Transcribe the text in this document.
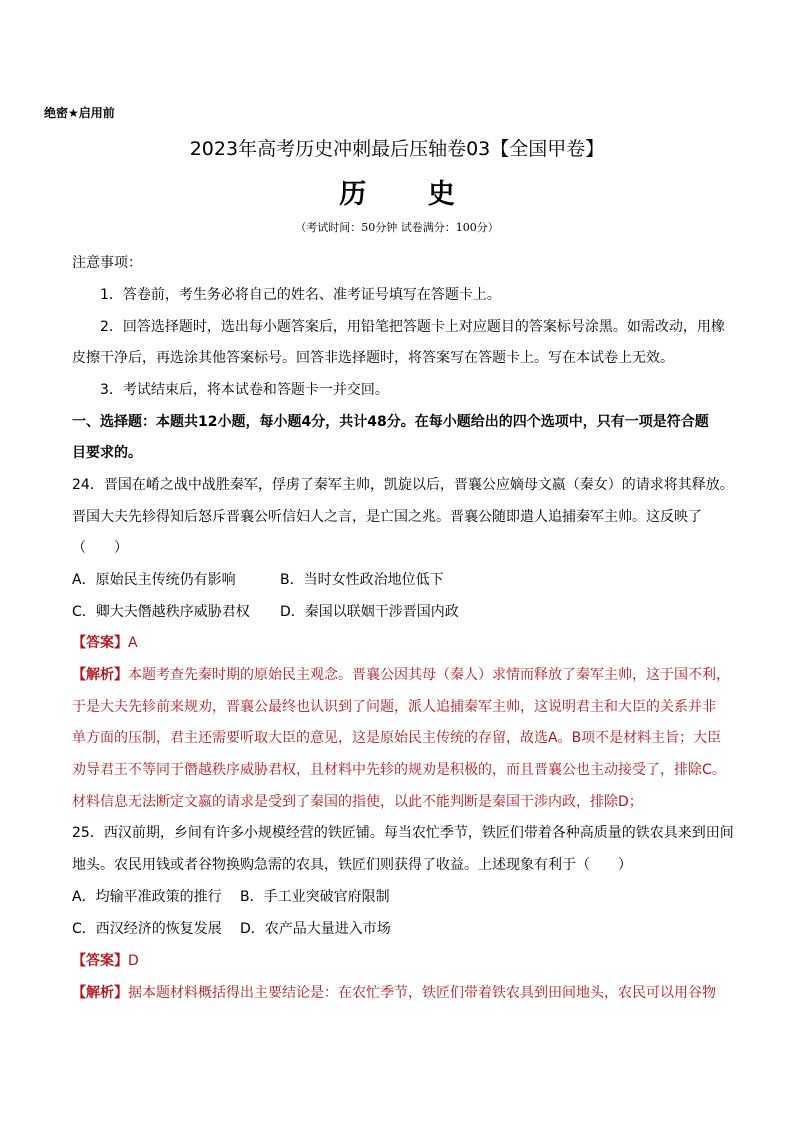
绝密★启用前
2023年高考历史冲刺最后压轴卷03【全国甲卷】
历 史
（考试时间：50分钟 试卷满分：100分）
注意事项：
1．答卷前，考生务必将自己的姓名、准考证号填写在答题卡上。
2．回答选择题时，选出每小题答案后，用铅笔把答题卡上对应题目的答案标号涂黑。如需改动，用橡
皮擦干净后，再选涂其他答案标号。回答非选择题时，将答案写在答题卡上。写在本试卷上无效。
3．考试结束后，将本试卷和答题卡一并交回。
一、选择题：本题共12小题，每小题4分，共计48分。在每小题给出的四个选项中，只有一项是符合题
目要求的。
24．晋国在崤之战中战胜秦军，俘虏了秦军主帅，凯旋以后，晋襄公应嫡母文嬴（秦女）的请求将其释放。
晋国大夫先轸得知后怒斥晋襄公听信妇人之言，是亡国之兆。晋襄公随即遣人追捕秦军主帅。这反映了
（　　）
A．原始民主传统仍有影响	B．当时女性政治地位低下
C．卿大夫僭越秩序威胁君权 D．秦国以联姻干涉晋国内政
【答案】A
【解析】本题考查先秦时期的原始民主观念。晋襄公因其母（秦人）求情而释放了秦军主帅，这于国不利，
于是大夫先轸前来规劝，晋襄公最终也认识到了问题，派人追捕秦军主帅，这说明君主和大臣的关系并非
单方面的压制，君主还需要听取大臣的意见，这是原始民主传统的存留，故选A。B项不是材料主旨；大臣
劝导君王不等同于僭越秩序威胁君权，且材料中先轸的规劝是积极的，而且晋襄公也主动接受了，排除C。
材料信息无法断定文嬴的请求是受到了秦国的指使，以此不能判断是秦国干涉内政，排除D；
25．西汉前期，乡间有许多小规模经营的铁匠铺。每当农忙季节，铁匠们带着各种高质量的铁农具来到田间
地头。农民用钱或者谷物换购急需的农具，铁匠们则获得了收益。上述现象有利于（　　）
A．均输平准政策的推行 B．手工业突破官府限制
C．西汉经济的恢复发展 D．农产品大量进入市场
【答案】D
【解析】据本题材料概括得出主要结论是：在农忙季节，铁匠们带着铁农具到田间地头，农民可以用谷物
